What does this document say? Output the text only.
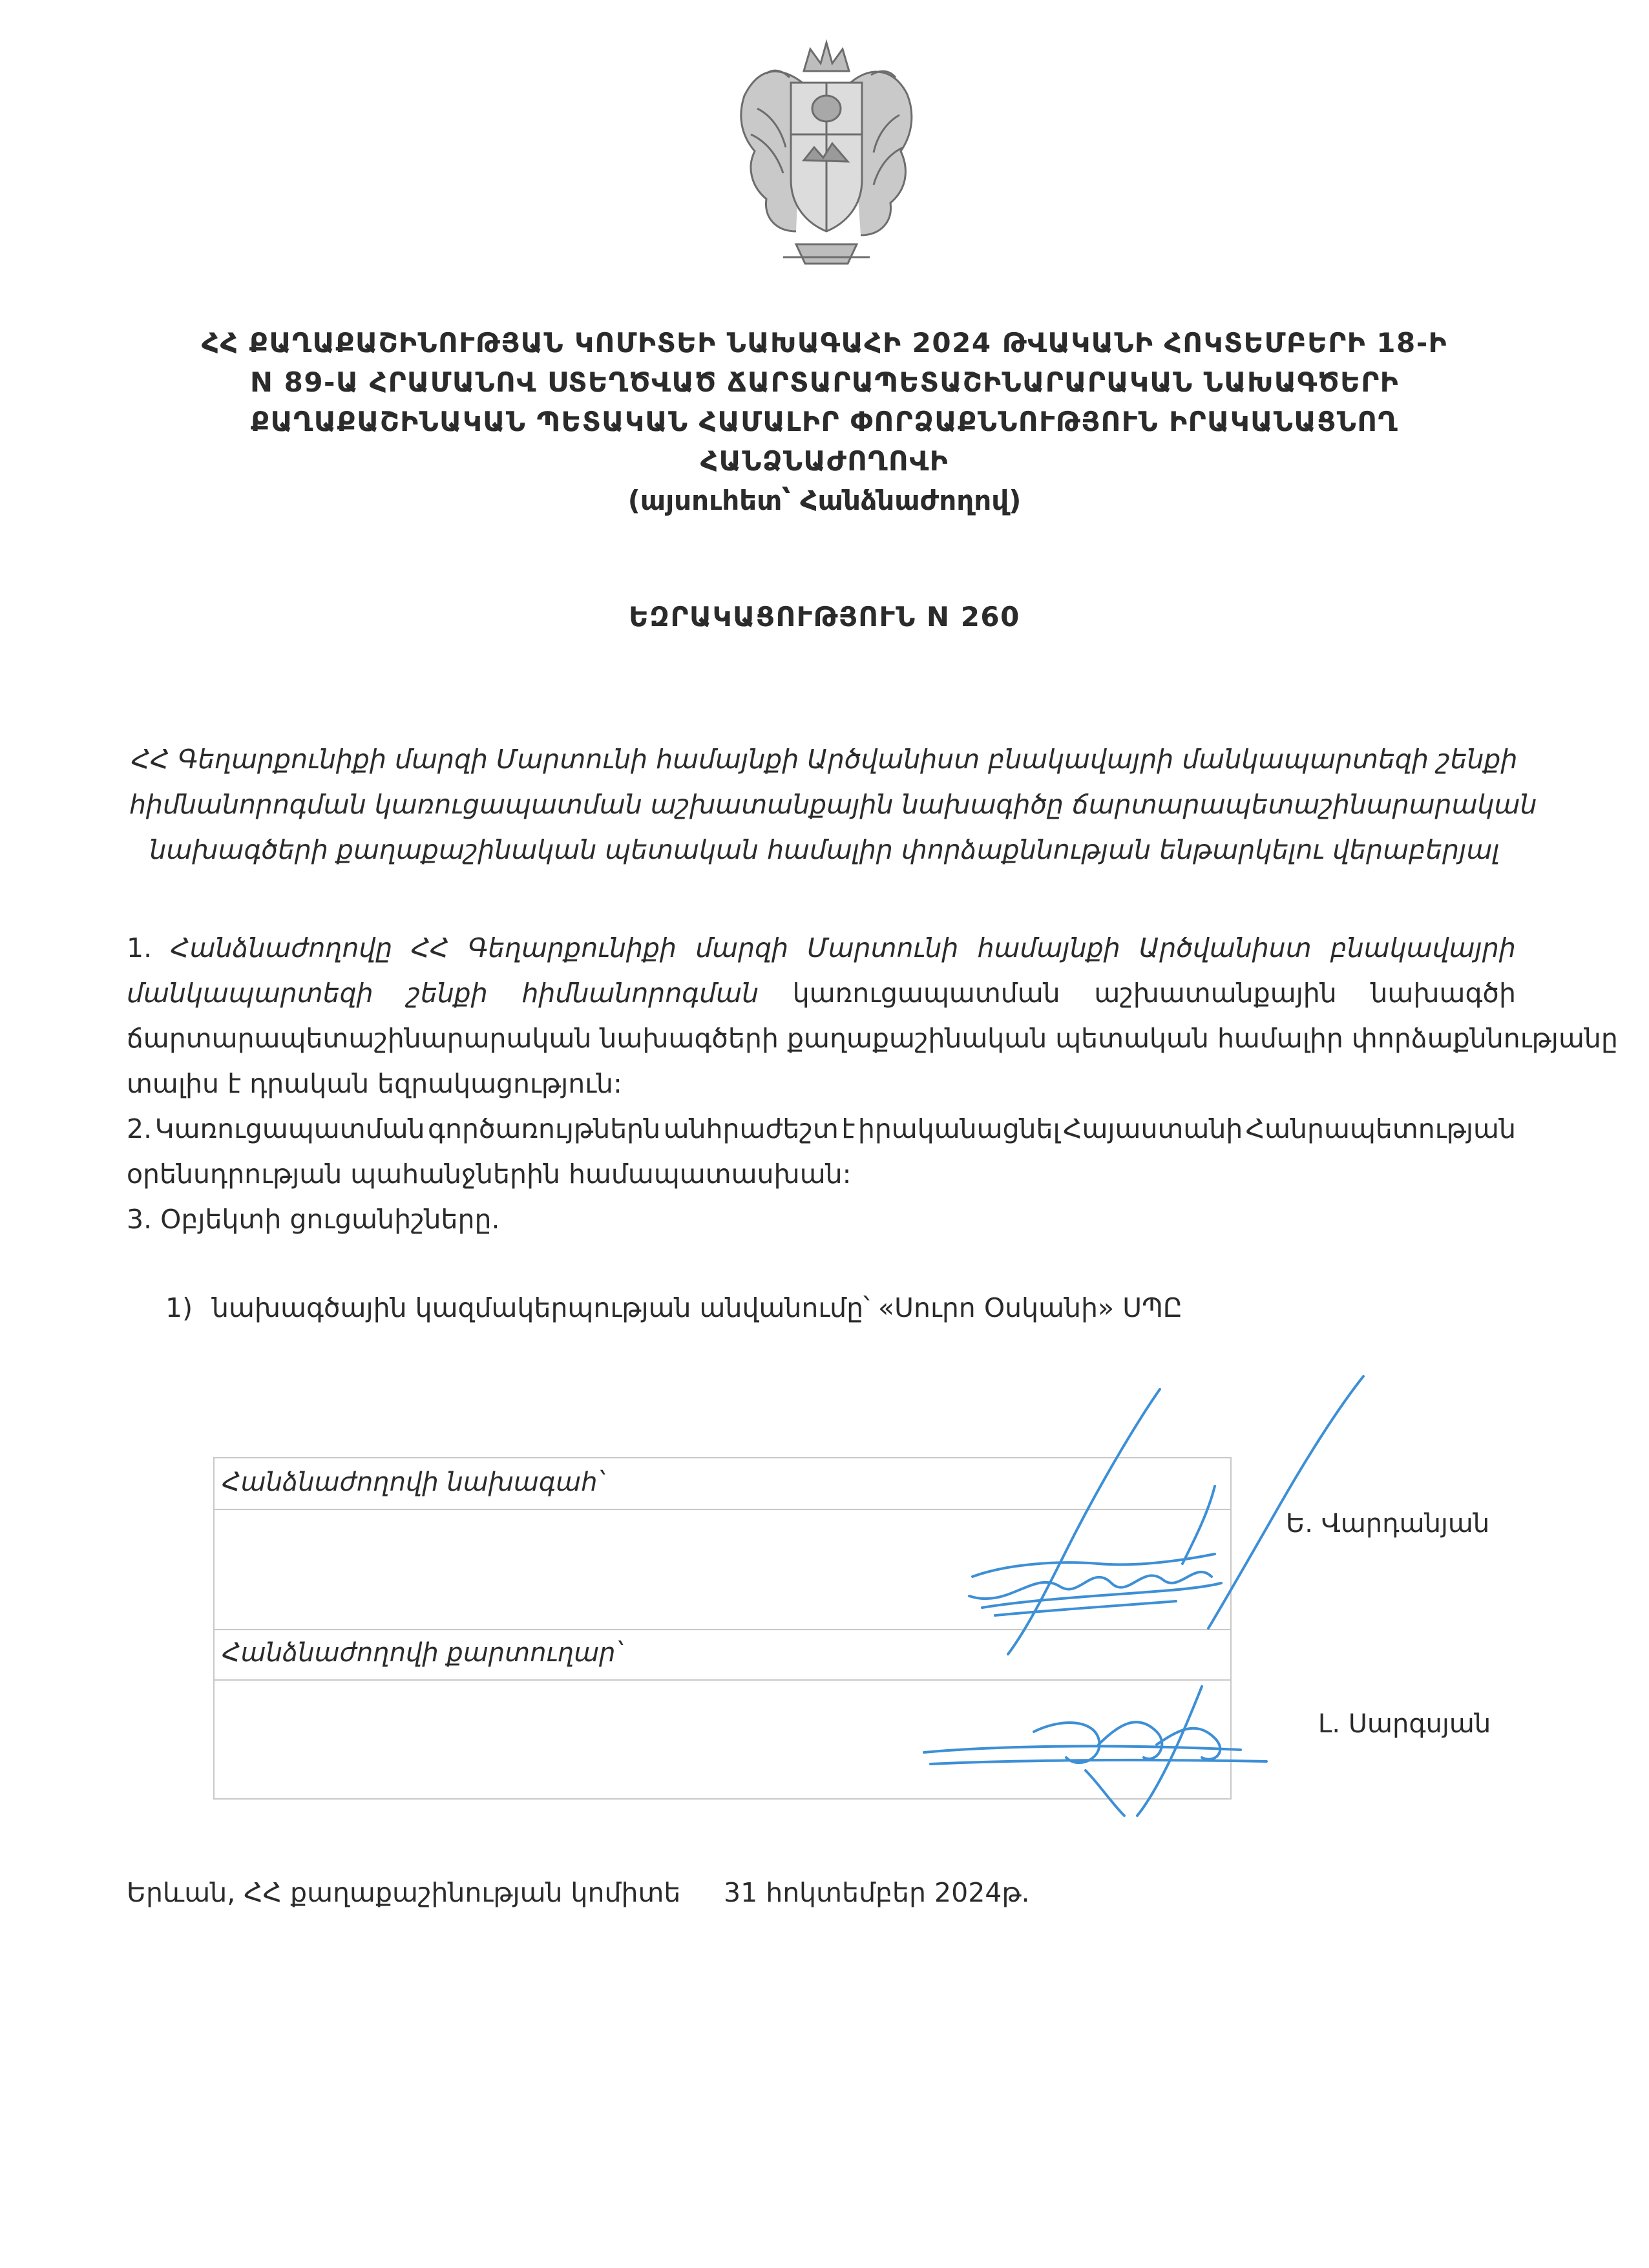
ՀՀ ՔԱՂԱՔԱՇԻՆՈՒԹՅԱՆ ԿՈՄԻՏԵԻ ՆԱԽԱԳԱՀԻ 2024 ԹՎԱԿԱՆԻ ՀՈԿՏԵՄԲԵՐԻ 18-Ի
N 89-Ա ՀՐԱՄԱՆՈՎ ՍՏԵՂԾՎԱԾ ՃԱՐՏԱՐԱՊԵՏԱՇԻՆԱՐԱՐԱԿԱՆ ՆԱԽԱԳԾԵՐԻ
ՔԱՂԱՔԱՇԻՆԱԿԱՆ ՊԵՏԱԿԱՆ ՀԱՄԱԼԻՐ ՓՈՐՁԱՔՆՆՈՒԹՅՈՒՆ ԻՐԱԿԱՆԱՑՆՈՂ
ՀԱՆՁՆԱԺՈՂՈՎԻ
(այսուհետ՝ Հանձնաժողով)
ԵԶՐԱԿԱՑՈՒԹՅՈՒՆ N 260
ՀՀ Գեղարքունիքի մարզի Մարտունի համայնքի Արծվանիստ բնակավայրի մանկապարտեզի շենքի
հիմնանորոգման կառուցապատման աշխատանքային նախագիծը ճարտարապետաշինարարական
նախագծերի քաղաքաշինական պետական համալիր փորձաքննության ենթարկելու վերաբերյալ
1. Հանձնաժողովը ՀՀ Գեղարքունիքի մարզի Մարտունի համայնքի Արծվանիստ բնակավայրի
մանկապարտեզի շենքի հիմնանորոգման կառուցապատման աշխատանքային նախագծի
ճարտարապետաշինարարական նախագծերի քաղաքաշինական պետական համալիր փորձաքննությանը
տալիս է դրական եզրակացություն:
2. Կառուցապատման գործառույթներն անհրաժեշտ է իրականացնել Հայաստանի Հանրապետության
օրենսդրության պահանջներին համապատասխան:
3. Օբյեկտի ցուցանիշները.
1) նախագծային կազմակերպության անվանումը՝ «Սուրո Օսկանի» ՍՊԸ
Հանձնաժողովի նախագահ՝
Հանձնաժողովի քարտուղար՝
Ե. Վարդանյան
Լ. Սարգսյան
Երևան, ՀՀ քաղաքաշինության կոմիտե 31 հոկտեմբեր 2024թ.
